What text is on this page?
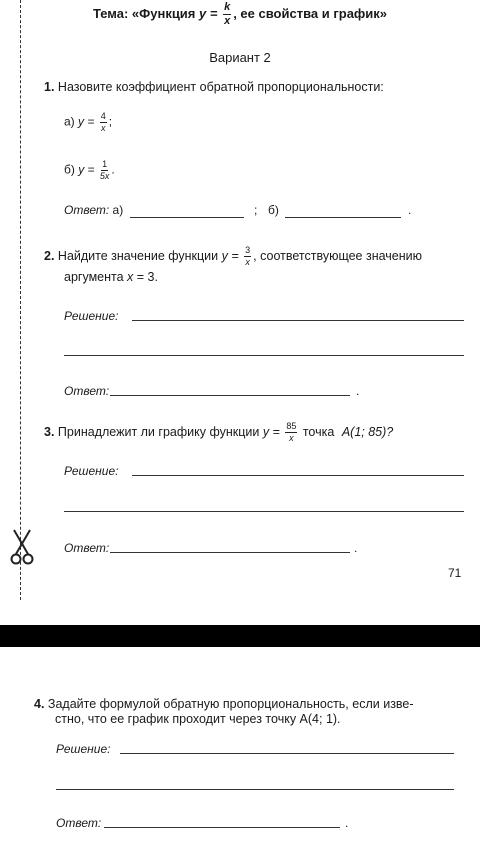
Тема: «Функция $y = \frac{k}{x}$ , ее свойства и график»
Вариант 2
1. Назовите коэффициент обратной пропорциональности:
а) $y = \frac{4}{x}$ ;
б) $y = \frac{1}{5x}$ .
Ответ: а)	; б)	.
2. Найдите значение функции $y = \frac{3}{x}$ , соответствующее значению
аргумента x = 3.
Решение:
Ответ:	.
3. Принадлежит ли графику функции $y = \frac{85}{x}$ точка A(1; 85)?
Решение:
Ответ:	.
71
4. Задайте формулой обратную пропорциональность, если изве-
стно, что ее график проходит через точку A(4; 1).
Решение:
Ответ:	.
